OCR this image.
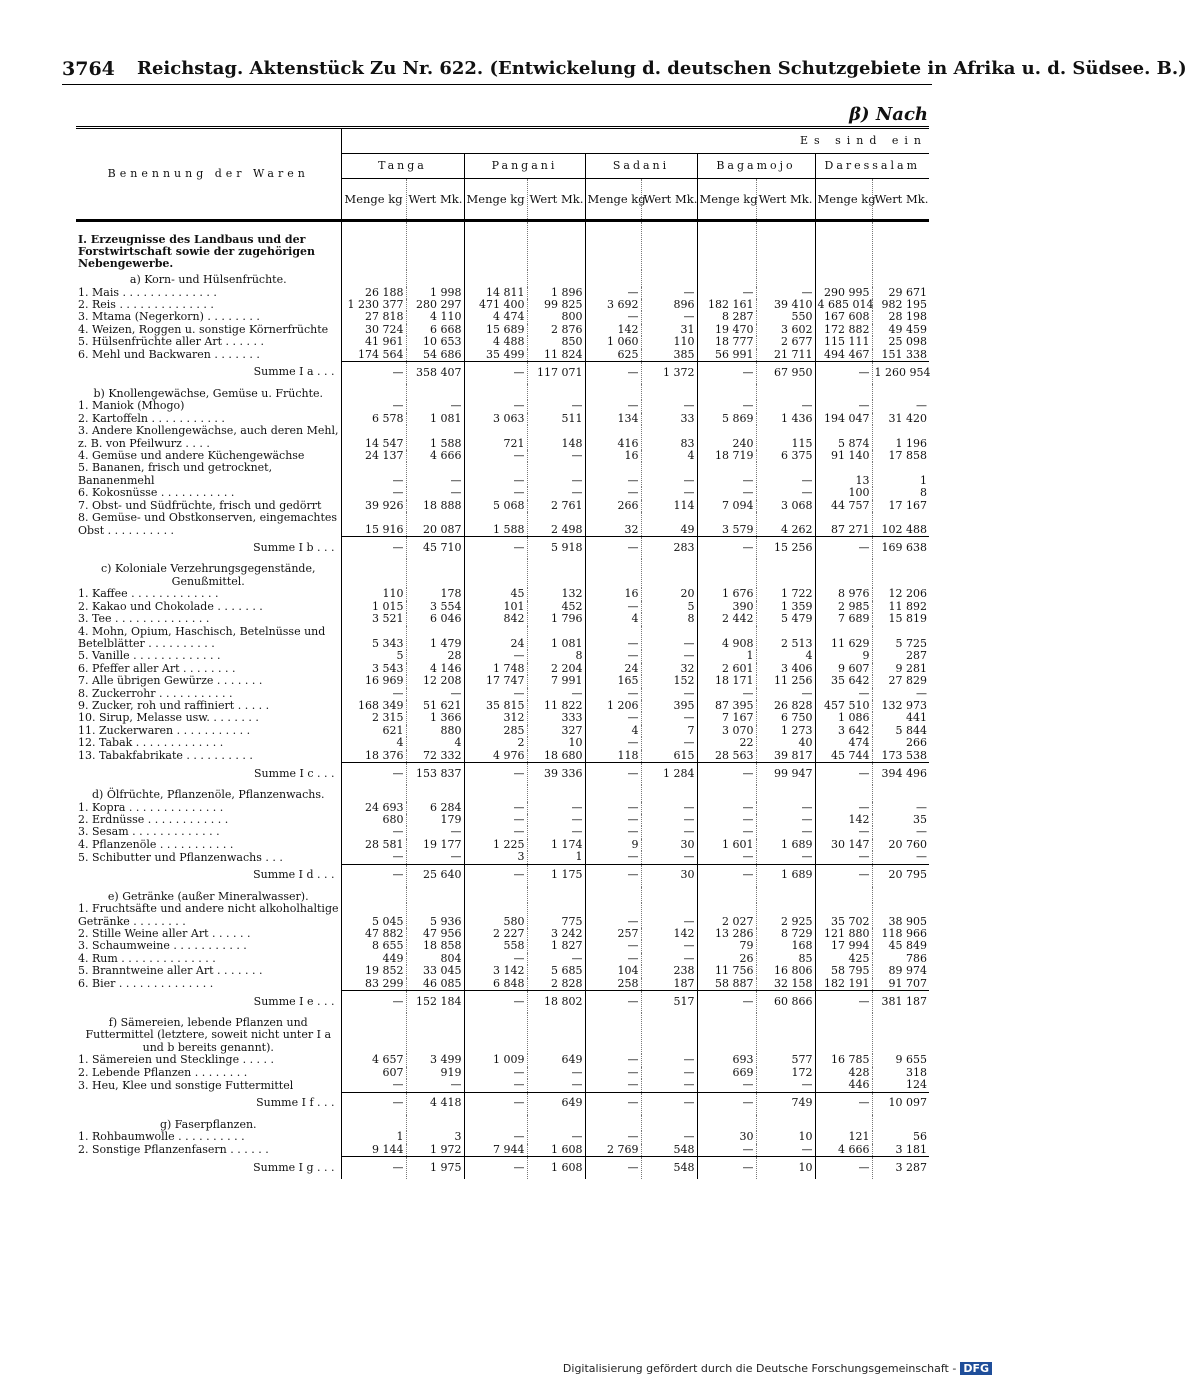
3764 Reichstag. Aktenstück Zu Nr. 622. (Entwickelung d. deutschen Schutzgebiete in Afrika u. d. Südsee. B.)
β) Nach
Benennung der Waren	Es sind ein									
	Tanga		Pangani		Sadani		Bagamojo		Daressalam	
	Menge kg	Wert Mk.	Menge kg	Wert Mk.	Menge kg	Wert Mk.	Menge kg	Wert Mk.	Menge kg	Wert Mk.
I. Erzeugnisse des Landbaus und der Forstwirtschaft sowie der zugehörigen Nebengewerbe.										
a) Korn- und Hülsenfrüchte.										
1. Mais . . . . . . . . . . . . . .	26 188	1 998	14 811	1 896	—	—	—	—	290 995	29 671
2. Reis . . . . . . . . . . . . . .	1 230 377	280 297	471 400	99 825	3 692	896	182 161	39 410	4 685 014	982 195
3. Mtama (Negerkorn) . . . . . . . .	27 818	4 110	4 474	800	—	—	8 287	550	167 608	28 198
4. Weizen, Roggen u. sonstige Körnerfrüchte	30 724	6 668	15 689	2 876	142	31	19 470	3 602	172 882	49 459
5. Hülsenfrüchte aller Art . . . . . .	41 961	10 653	4 488	850	1 060	110	18 777	2 677	115 111	25 098
6. Mehl und Backwaren . . . . . . .	174 564	54 686	35 499	11 824	625	385	56 991	21 711	494 467	151 338
Summe I a . . .	—	358 407	—	117 071	—	1 372	—	67 950	—	1 260 954
b) Knollengewächse, Gemüse u. Früchte.										
1. Maniok (Mhogo)	—	—	—	—	—	—	—	—	—	—
2. Kartoffeln . . . . . . . . . . .	6 578	1 081	3 063	511	134	33	5 869	1 436	194 047	31 420
3. Andere Knollengewächse, auch deren Mehl, z. B. von Pfeilwurz . . . .	14 547	1 588	721	148	416	83	240	115	5 874	1 196
4. Gemüse und andere Küchengewächse	24 137	4 666	—	—	16	4	18 719	6 375	91 140	17 858
5. Bananen, frisch und getrocknet, Bananenmehl	—	—	—	—	—	—	—	—	13	1
6. Kokosnüsse . . . . . . . . . . .	—	—	—	—	—	—	—	—	100	8
7. Obst- und Südfrüchte, frisch und gedörrt	39 926	18 888	5 068	2 761	266	114	7 094	3 068	44 757	17 167
8. Gemüse- und Obstkonserven, eingemachtes Obst . . . . . . . . . .	15 916	20 087	1 588	2 498	32	49	3 579	4 262	87 271	102 488
Summe I b . . .	—	45 710	—	5 918	—	283	—	15 256	—	169 638
c) Koloniale Verzehrungsgegenstände, Genußmittel.										
1. Kaffee . . . . . . . . . . . . .	110	178	45	132	16	20	1 676	1 722	8 976	12 206
2. Kakao und Chokolade . . . . . . .	1 015	3 554	101	452	—	5	390	1 359	2 985	11 892
3. Tee . . . . . . . . . . . . . .	3 521	6 046	842	1 796	4	8	2 442	5 479	7 689	15 819
4. Mohn, Opium, Haschisch, Betelnüsse und Betelblätter . . . . . . . . . .	5 343	1 479	24	1 081	—	—	4 908	2 513	11 629	5 725
5. Vanille . . . . . . . . . . . . .	5	28	—	8	—	—	1	4	9	287
6. Pfeffer aller Art . . . . . . . .	3 543	4 146	1 748	2 204	24	32	2 601	3 406	9 607	9 281
7. Alle übrigen Gewürze . . . . . . .	16 969	12 208	17 747	7 991	165	152	18 171	11 256	35 642	27 829
8. Zuckerrohr . . . . . . . . . . .	—	—	—	—	—	—	—	—	—	—
9. Zucker, roh und raffiniert . . . . .	168 349	51 621	35 815	11 822	1 206	395	87 395	26 828	457 510	132 973
10. Sirup, Melasse usw. . . . . . . .	2 315	1 366	312	333	—	—	7 167	6 750	1 086	441
11. Zuckerwaren . . . . . . . . . . .	621	880	285	327	4	7	3 070	1 273	3 642	5 844
12. Tabak . . . . . . . . . . . . .	4	4	2	10	—	—	22	40	474	266
13. Tabakfabrikate . . . . . . . . . .	18 376	72 332	4 976	18 680	118	615	28 563	39 817	45 744	173 538
Summe I c . . .	—	153 837	—	39 336	—	1 284	—	99 947	—	394 496
d) Ölfrüchte, Pflanzenöle, Pflanzenwachs.										
1. Kopra . . . . . . . . . . . . . .	24 693	6 284	—	—	—	—	—	—	—	—
2. Erdnüsse . . . . . . . . . . . .	680	179	—	—	—	—	—	—	142	35
3. Sesam . . . . . . . . . . . . .	—	—	—	—	—	—	—	—	—	—
4. Pflanzenöle . . . . . . . . . . .	28 581	19 177	1 225	1 174	9	30	1 601	1 689	30 147	20 760
5. Schibutter und Pflanzenwachs . . .	—	—	3	1	—	—	—	—	—	—
Summe I d . . .	—	25 640	—	1 175	—	30	—	1 689	—	20 795
e) Getränke (außer Mineralwasser).										
1. Fruchtsäfte und andere nicht alkoholhaltige Getränke . . . . . . . .	5 045	5 936	580	775	—	—	2 027	2 925	35 702	38 905
2. Stille Weine aller Art . . . . . .	47 882	47 956	2 227	3 242	257	142	13 286	8 729	121 880	118 966
3. Schaumweine . . . . . . . . . . .	8 655	18 858	558	1 827	—	—	79	168	17 994	45 849
4. Rum . . . . . . . . . . . . . .	449	804	—	—	—	—	26	85	425	786
5. Branntweine aller Art . . . . . . .	19 852	33 045	3 142	5 685	104	238	11 756	16 806	58 795	89 974
6. Bier . . . . . . . . . . . . . .	83 299	46 085	6 848	2 828	258	187	58 887	32 158	182 191	91 707
Summe I e . . .	—	152 184	—	18 802	—	517	—	60 866	—	381 187
f) Sämereien, lebende Pflanzen und Futtermittel (letztere, soweit nicht unter I a und b bereits genannt).										
1. Sämereien und Stecklinge . . . . .	4 657	3 499	1 009	649	—	—	693	577	16 785	9 655
2. Lebende Pflanzen . . . . . . . .	607	919	—	—	—	—	669	172	428	318
3. Heu, Klee und sonstige Futtermittel	—	—	—	—	—	—	—	—	446	124
Summe I f . . .	—	4 418	—	649	—	—	—	749	—	10 097
g) Faserpflanzen.										
1. Rohbaumwolle . . . . . . . . . .	1	3	—	—	—	—	30	10	121	56
2. Sonstige Pflanzenfasern . . . . . .	9 144	1 972	7 944	1 608	2 769	548	—	—	4 666	3 181
Summe I g . . .	—	1 975	—	1 608	—	548	—	10	—	3 287
Digitalisierung gefördert durch die Deutsche Forschungsgemeinschaft - DFG
